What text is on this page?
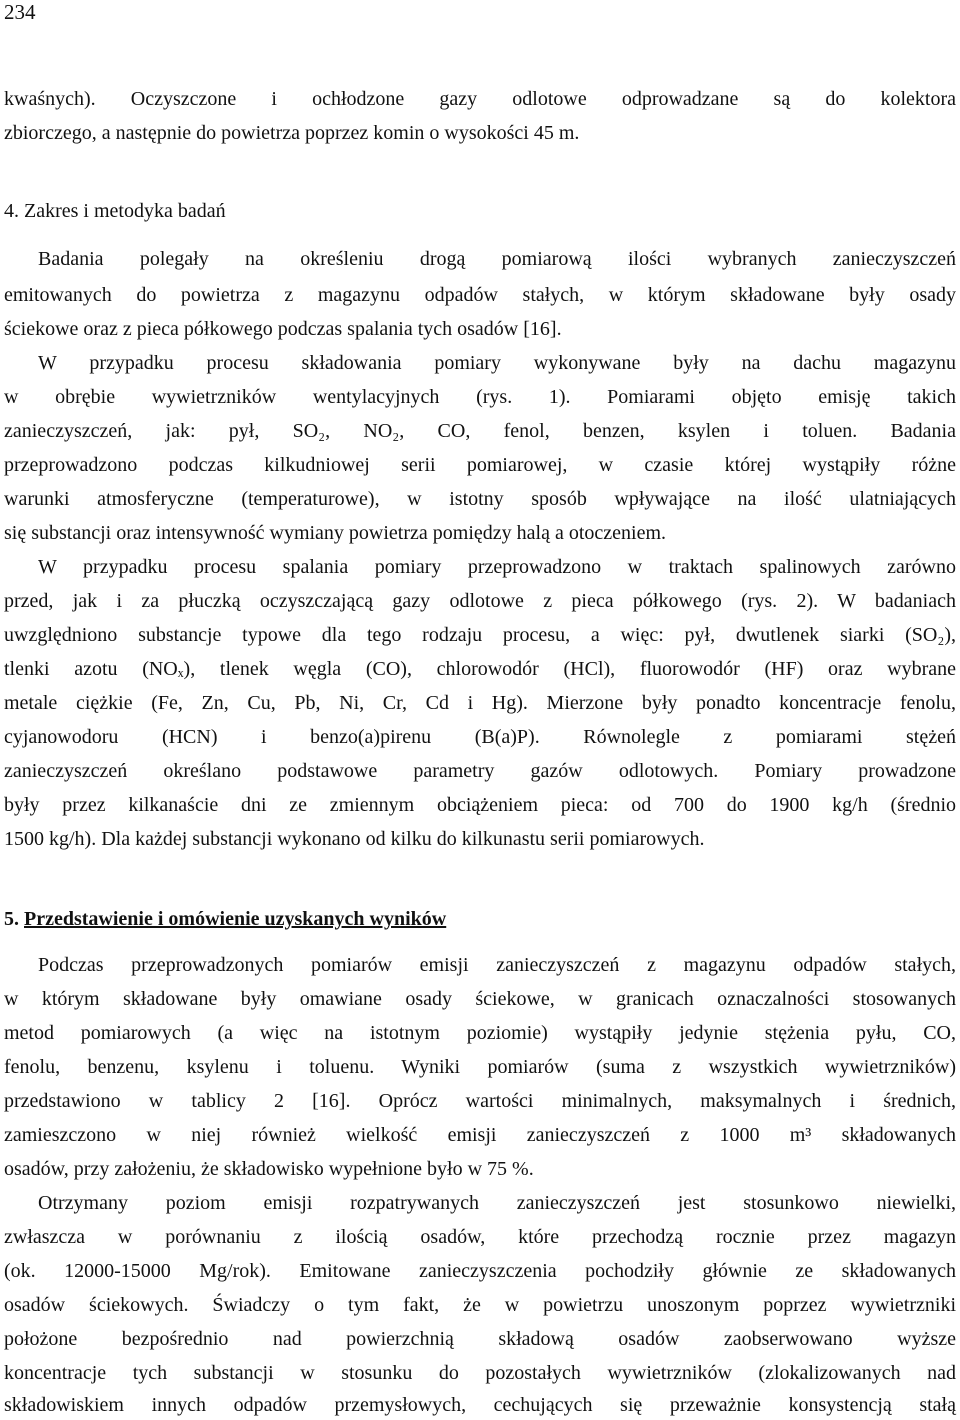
234
kwaśnych). Oczyszczone i ochłodzone gazy odlotowe odprowadzane są do kolektora
zbiorczego, a następnie do powietrza poprzez komin o wysokości 45 m.
4. Zakres i metodyka badań
Badania polegały na określeniu drogą pomiarową ilości wybranych zanieczyszczeń
emitowanych do powietrza z magazynu odpadów stałych, w którym składowane były osady
ściekowe oraz z pieca półkowego podczas spalania tych osadów [16].
W przypadku procesu składowania pomiary wykonywane były na dachu magazynu
w obrębie wywietrzników wentylacyjnych (rys. 1). Pomiarami objęto emisję takich
zanieczyszczeń, jak: pył, SO₂, NO₂, CO, fenol, benzen, ksylen i toluen. Badania
przeprowadzono podczas kilkudniowej serii pomiarowej, w czasie której wystąpiły różne
warunki atmosferyczne (temperaturowe), w istotny sposób wpływające na ilość ulatniających
się substancji oraz intensywność wymiany powietrza pomiędzy halą a otoczeniem.
W przypadku procesu spalania pomiary przeprowadzono w traktach spalinowych zarówno
przed, jak i za płuczką oczyszczającą gazy odlotowe z pieca półkowego (rys. 2). W badaniach
uwzględniono substancje typowe dla tego rodzaju procesu, a więc: pył, dwutlenek siarki (SO₂),
tlenki azotu (NOₓ), tlenek węgla (CO), chlorowodór (HCl), fluorowodór (HF) oraz wybrane
metale ciężkie (Fe, Zn, Cu, Pb, Ni, Cr, Cd i Hg). Mierzone były ponadto koncentracje fenolu,
cyjanowodoru (HCN) i benzo(a)pirenu (B(a)P). Równolegle z pomiarami stężeń
zanieczyszczeń określano podstawowe parametry gazów odlotowych. Pomiary prowadzone
były przez kilkanaście dni ze zmiennym obciążeniem pieca: od 700 do 1900 kg/h (średnio
1500 kg/h). Dla każdej substancji wykonano od kilku do kilkunastu serii pomiarowych.
5. Przedstawienie i omówienie uzyskanych wyników
Podczas przeprowadzonych pomiarów emisji zanieczyszczeń z magazynu odpadów stałych,
w którym składowane były omawiane osady ściekowe, w granicach oznaczalności stosowanych
metod pomiarowych (a więc na istotnym poziomie) wystąpiły jedynie stężenia pyłu, CO,
fenolu, benzenu, ksylenu i toluenu. Wyniki pomiarów (suma z wszystkich wywietrzników)
przedstawiono w tablicy 2 [16]. Oprócz wartości minimalnych, maksymalnych i średnich,
zamieszczono w niej również wielkość emisji zanieczyszczeń z 1000 m³ składowanych
osadów, przy założeniu, że składowisko wypełnione było w 75 %.
Otrzymany poziom emisji rozpatrywanych zanieczyszczeń jest stosunkowo niewielki,
zwłaszcza w porównaniu z ilością osadów, które przechodzą rocznie przez magazyn
(ok. 12000-15000 Mg/rok). Emitowane zanieczyszczenia pochodziły głównie ze składowanych
osadów ściekowych. Świadczy o tym fakt, że w powietrzu unoszonym poprzez wywietrzniki
położone bezpośrednio nad powierzchnią składową osadów zaobserwowano wyższe
koncentracje tych substancji w stosunku do pozostałych wywietrzników (zlokalizowanych nad
składowiskiem innych odpadów przemysłowych, cechujących się przeważnie konsystencją stałą
